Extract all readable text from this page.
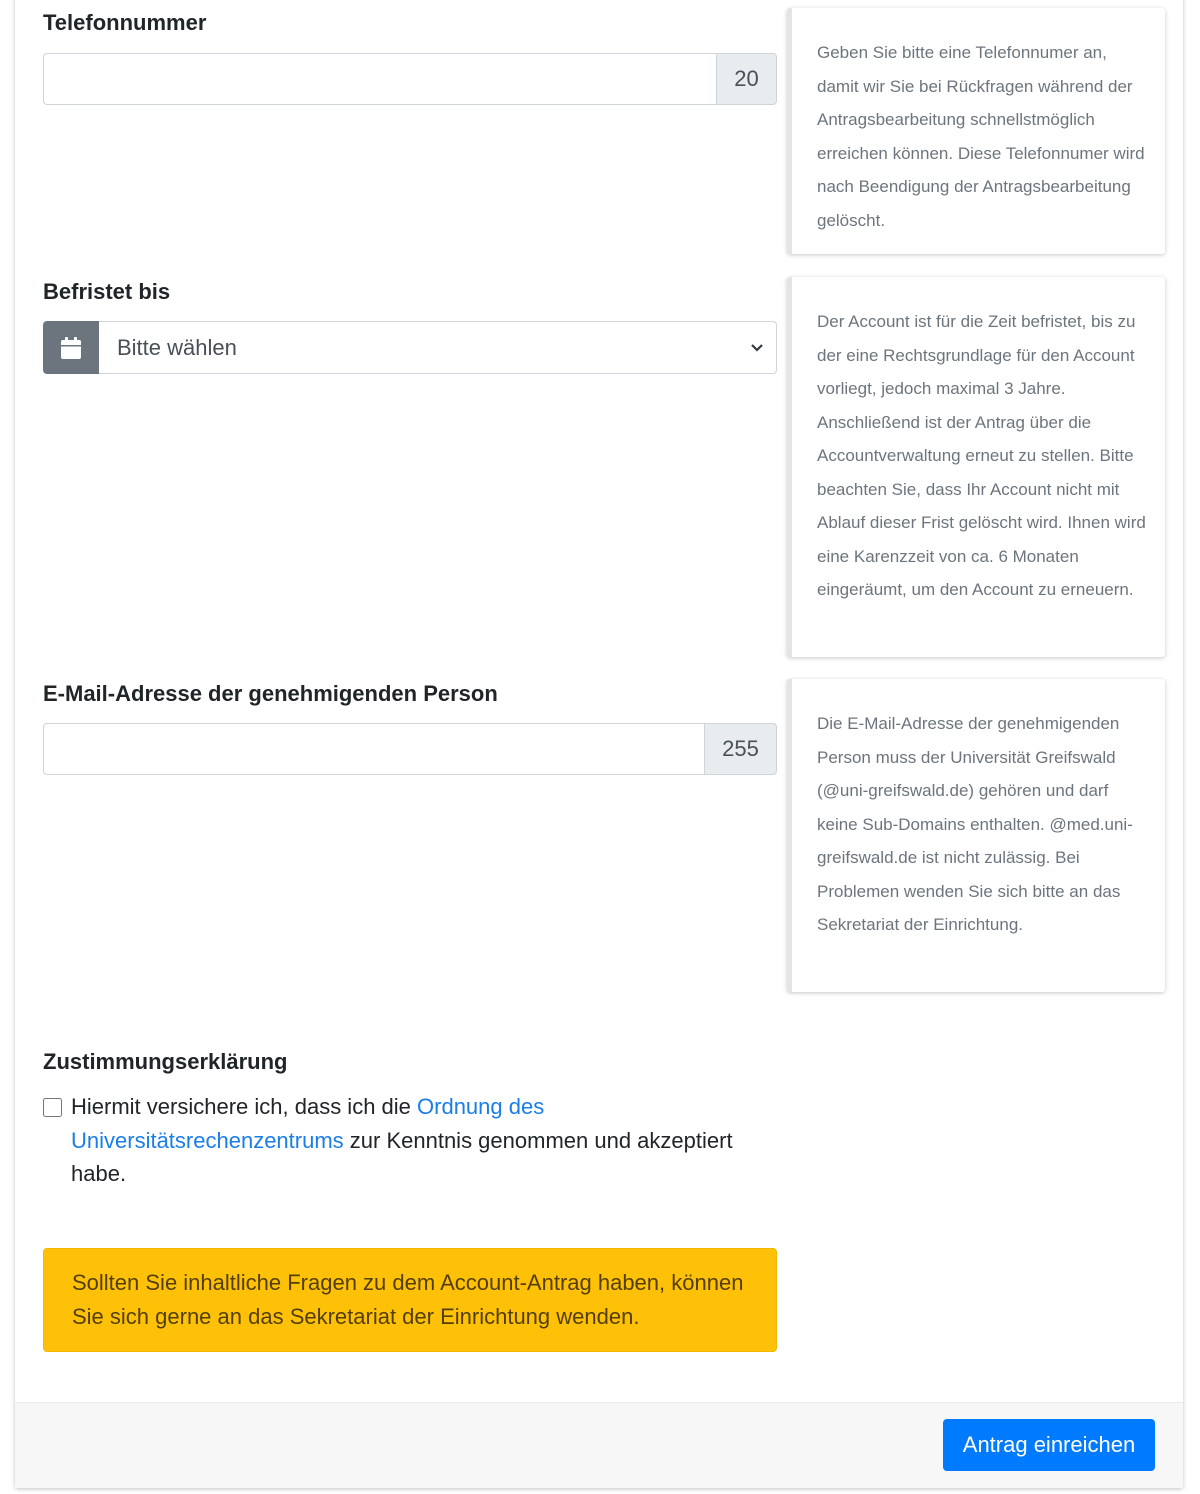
Telefonnummer
20
Geben Sie bitte eine Telefonnumer an, damit wir Sie bei Rückfragen während der Antragsbearbeitung schnellstmöglich erreichen können. Diese Telefonnumer wird nach Beendigung der Antragsbearbeitung gelöscht.
Befristet bis
Bitte wählen
Der Account ist für die Zeit befristet, bis zu der eine Rechtsgrundlage für den Account vorliegt, jedoch maximal 3 Jahre. Anschließend ist der Antrag über die Accountverwaltung erneut zu stellen. Bitte beachten Sie, dass Ihr Account nicht mit Ablauf dieser Frist gelöscht wird. Ihnen wird eine Karenzzeit von ca. 6 Monaten eingeräumt, um den Account zu erneuern.
E-Mail-Adresse der genehmigenden Person
255
Die E-Mail-Adresse der genehmigenden Person muss der Universität Greifswald (@uni-greifswald.de) gehören und darf keine Sub-Domains enthalten. @med.uni-greifswald.de ist nicht zulässig. Bei Problemen wenden Sie sich bitte an das Sekretariat der Einrichtung.
Zustimmungserklärung
Hiermit versichere ich, dass ich die Ordnung des Universitätsrechenzentrums zur Kenntnis genommen und akzeptiert habe.
Sollten Sie inhaltliche Fragen zu dem Account-Antrag haben, können Sie sich gerne an das Sekretariat der Einrichtung wenden.
Antrag einreichen
